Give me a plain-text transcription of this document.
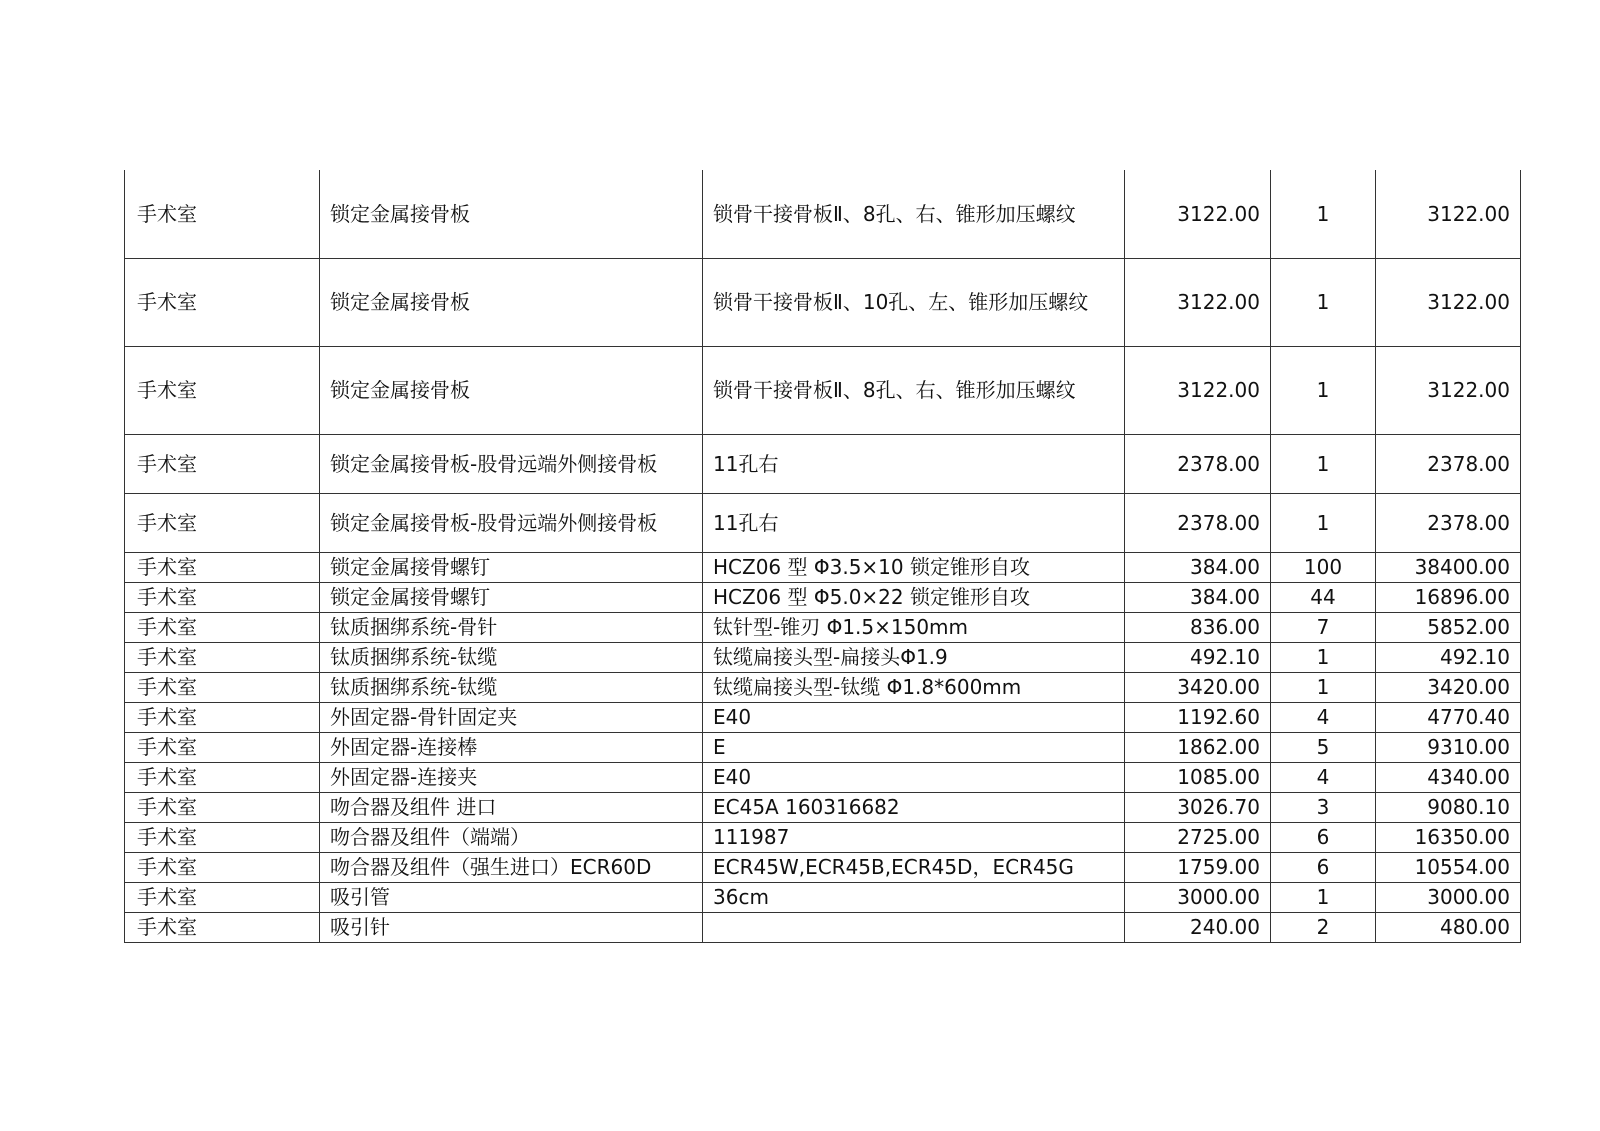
手术室	锁定金属接骨板	锁骨干接骨板Ⅱ、8孔、右、锥形加压螺纹	3122.00	1	3122.00
手术室	锁定金属接骨板	锁骨干接骨板Ⅱ、10孔、左、锥形加压螺纹	3122.00	1	3122.00
手术室	锁定金属接骨板	锁骨干接骨板Ⅱ、8孔、右、锥形加压螺纹	3122.00	1	3122.00
手术室	锁定金属接骨板-股骨远端外侧接骨板	11孔右	2378.00	1	2378.00
手术室	锁定金属接骨板-股骨远端外侧接骨板	11孔右	2378.00	1	2378.00
手术室	锁定金属接骨螺钉	HCZ06 型 Φ3.5×10 锁定锥形自攻	384.00	100	38400.00
手术室	锁定金属接骨螺钉	HCZ06 型 Φ5.0×22 锁定锥形自攻	384.00	44	16896.00
手术室	钛质捆绑系统-骨针	钛针型-锥刃 Φ1.5×150mm	836.00	7	5852.00
手术室	钛质捆绑系统-钛缆	钛缆扁接头型-扁接头Φ1.9	492.10	1	492.10
手术室	钛质捆绑系统-钛缆	钛缆扁接头型-钛缆 Φ1.8*600mm	3420.00	1	3420.00
手术室	外固定器-骨针固定夹	E40	1192.60	4	4770.40
手术室	外固定器-连接棒	E	1862.00	5	9310.00
手术室	外固定器-连接夹	E40	1085.00	4	4340.00
手术室	吻合器及组件 进口	EC45A 160316682	3026.70	3	9080.10
手术室	吻合器及组件（端端）	111987	2725.00	6	16350.00
手术室	吻合器及组件（强生进口）ECR60D	ECR45W,ECR45B,ECR45D，ECR45G	1759.00	6	10554.00
手术室	吸引管	36cm	3000.00	1	3000.00
手术室	吸引针		240.00	2	480.00
